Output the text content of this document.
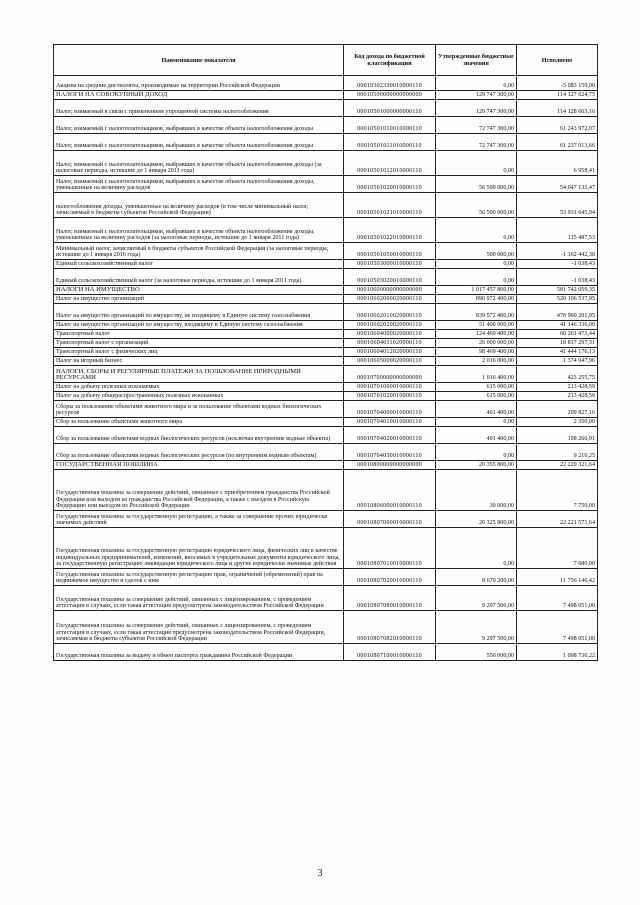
Наименование показателя	Код дохода по бюджетной классификации	Утвержденные бюджетные значения	Исполнено
Акцизы на средние дистилляты, производимые на территории Российской Федерации	00010302330010000110	0,00	-5 083 159,00
НАЛОГИ НА СОВОКУПНЫЙ ДОХОД	00010500000000000000	129 747 300,00	114 127 624,75
Налог, взимаемый в связи с применением упрощенной системы налогообложения	00010501000000000110	129 747 300,00	114 128 663,16
Налог, взимаемый с налогоплательщиков, выбравших в качестве объекта налогообложения доходы	00010501010010000110	72 747 300,00	61 243 972,07
Налог, взимаемый с налогоплательщиков, выбравших в качестве объекта налогообложения доходы	00010501011010000110	72 747 300,00	61 237 013,66
Налог, взимаемый с налогоплательщиков, выбравших в качестве объекта налогообложения доходы (за налоговые периоды, истекшие до 1 января 2011 года)	00010501012010000110	0,00	6 958,41
Налог, взимаемый с налогоплательщиков, выбравших в качестве объекта налогообложения доходы, уменьшенные на величину расходов	00010501020010000110	56 500 000,00	54 047 133,47
налогообложения доходы, уменьшенные на величину расходов (в том числе минимальный налог, зачисляемый в бюджеты субъектов Российской Федерации)	00010501021010000110	56 500 000,00	53 931 645,94
Налог, взимаемый с налогоплательщиков, выбравших в качестве объекта налогообложения доходы, уменьшенные на величину расходов (за налоговые периоды, истекшие до 1 января 2011 года)	00010501022010000110	0,00	115 487,53
Минимальный налог, зачисляемый в бюджеты субъектов Российской Федерации (за налоговые периоды, истекшие до 1 января 2016 года)	00010501050010000110	500 000,00	-1 162 442,38
Единый сельскохозяйственный налог	00010503000010000110	0,00	-1 038,43
Единый сельскохозяйственный налог (за налоговые периоды, истекшие до 1 января 2011 года)	00010503020010000110	0,00	-1 038,43
НАЛОГИ НА ИМУЩЕСТВО	00010600000000000000	1 017 457 800,00	581 742 059,35
Налог на имущество организаций	00010602000020000110	890 972 400,00	520 106 537,95
Налог на имущество организаций по имуществу, не входящему в Единую систему газоснабжения	00010602010020000110	839 572 400,00	478 960 201,95
Налог на имущество организаций по имуществу, входящему в Единую систему газоснабжения	00010602020020000110	51 400 000,00	41 146 336,00
Транспортный налог	00010604000020000110	124 469 400,00	60 261 473,44
Транспортный налог с организаций	00010604011020000110	26 000 000,00	18 817 297,31
Транспортный налог с физических лиц	00010604012020000110	98 469 400,00	41 444 176,13
Налог на игорный бизнес	00010605000020000110	2 016 000,00	1 374 047,96
НАЛОГИ, СБОРЫ И РЕГУЛЯРНЫЕ ПЛАТЕЖИ ЗА ПОЛЬЗОВАНИЕ ПРИРОДНЫМИ РЕСУРСАМИ	00010700000000000000	1 016 400,00	423 255,75
Налог на добычу полезных ископаемых	00010701000010000110	615 000,00	213 428,59
Налог на добычу общераспространенных полезных ископаемых	00010701020010000110	615 000,00	213 428,59
Сборы за пользование объектами животного мира и за пользование объектами водных биологических ресурсов	00010704000010000110	401 400,00	209 827,16
Сбор за пользование объектами животного мира	00010704010010000110	0,00	2 350,00
Сбор за пользование объектами водных биологических ресурсов (исключая внутренние водные объекты)	00010704020010000110	401 400,00	198 266,91
Сбор за пользование объектами водных биологических ресурсов (по внутренним водным объектам)	00010704030010000110	0,00	9 210,25
ГОСУДАРСТВЕННАЯ ПОШЛИНА	00010800000000000000	20 355 800,00	22 229 321,64
Государственная пошлина за совершение действий, связанных с приобретением гражданства Российской Федерации или выходом из гражданства Российской Федерации, а также с въездом в Российскую Федерацию или выездом из Российской Федерации	00010806000010000110	30 000,00	7 750,00
Государственная пошлина за государственную регистрацию, а также за совершение прочих юридически значимых действий	00010807000010000110	20 325 800,00	22 221 571,64
Государственная пошлина за государственную регистрацию юридического лица, физических лиц в качестве индивидуальных предпринимателей, изменений, вносимых в учредительные документы юридического лица, за государственную регистрацию ликвидации юридического лица и другие юридически значимые действия	00010807010010000110	0,00	7 680,00
Государственная пошлина за государственную регистрацию прав, ограничений (обременений) прав на недвижимое имущество и сделок с ним	00010807020010000110	8 670 200,00	11 756 140,42
Государственная пошлина за совершение действий, связанных с лицензированием, с проведением аттестации в случаях, если такая аттестация предусмотрена законодательством Российской Федерации	00010807080010000110	9 297 500,00	7 498 051,00
Государственная пошлина за совершение действий, связанных с лицензированием, с проведением аттестации в случаях, если такая аттестация предусмотрена законодательством Российской Федерации, зачисляемая в бюджеты субъектов Российской Федерации	00010807082010000110	9 297 500,00	7 498 051,00
Государственная пошлина за выдачу и обмен паспорта гражданина Российской Федерации	00010807100010000110	550 000,00	1 098 730,22
3
